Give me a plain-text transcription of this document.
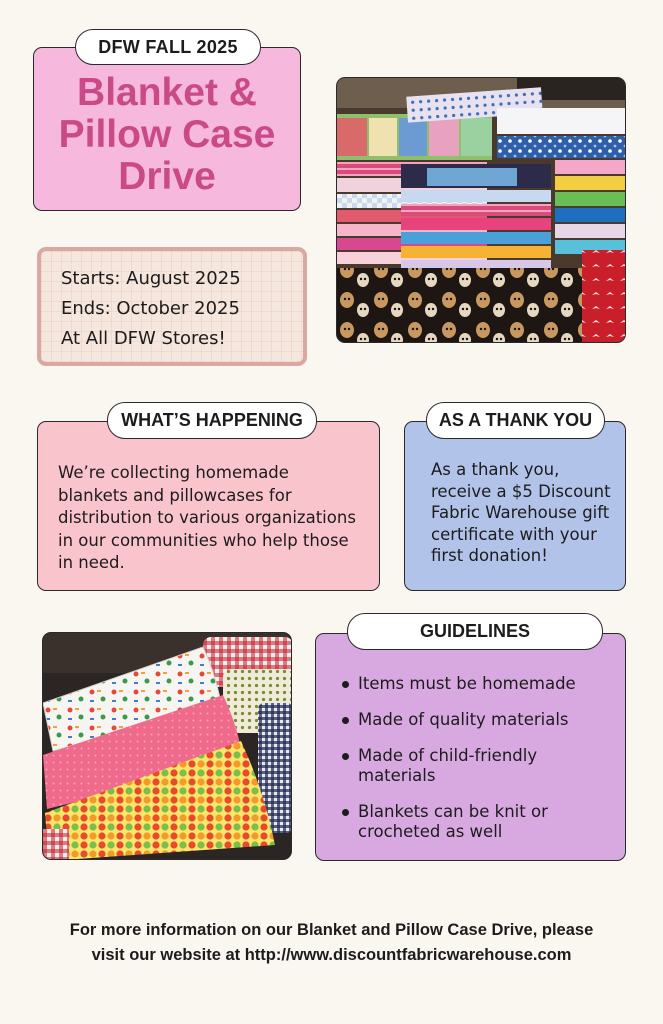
DFW FALL 2025
Blanket &
Pillow Case
Drive
Starts: August 2025
Ends: October 2025
At All DFW Stores!

We’re collecting homemade blankets and pillowcases for distribution to various organizations in our communities who help those in need.

WHAT’S HAPPENING

As a thank you, receive a $5 Discount Fabric Warehouse gift certificate with your first donation!

AS A THANK YOU
Items must be homemade
Made of quality materials
Made of child-friendly materials
Blankets can be knit or crocheted as well
GUIDELINES
For more information on our Blanket and Pillow Case Drive, please
visit our website at http://www.discountfabricwarehouse.com
